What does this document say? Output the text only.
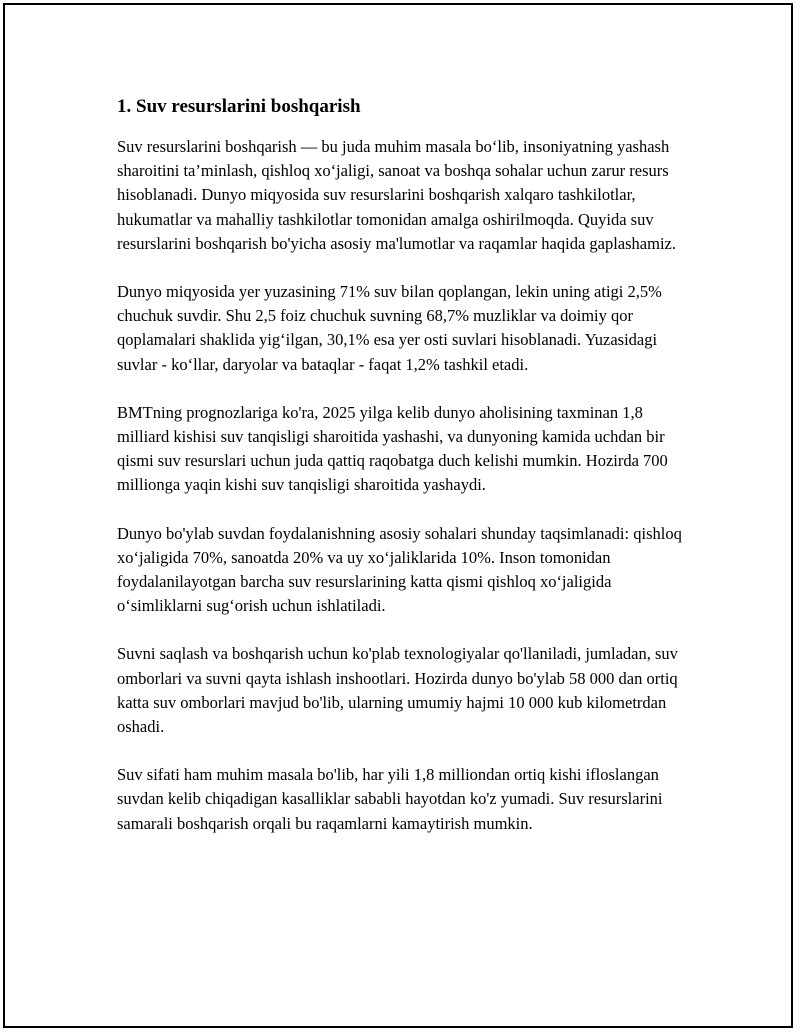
1. Suv resurslarini boshqarish

Suv resurslarini boshqarish — bu juda muhim masala bo‘lib, insoniyatning yashash sharoitini ta’minlash, qishloq xo‘jaligi, sanoat va boshqa sohalar uchun zarur resurs hisoblanadi. Dunyo miqyosida suv resurslarini boshqarish xalqaro tashkilotlar, hukumatlar va mahalliy tashkilotlar tomonidan amalga oshirilmoqda. Quyida suv resurslarini boshqarish bo'yicha asosiy ma'lumotlar va raqamlar haqida gaplashamiz.

Dunyo miqyosida yer yuzasining 71% suv bilan qoplangan, lekin uning atigi 2,5% chuchuk suvdir. Shu 2,5 foiz chuchuk suvning 68,7% muzliklar va doimiy qor qoplamalari shaklida yig‘ilgan, 30,1% esa yer osti suvlari hisoblanadi. Yuzasidagi suvlar - ko‘llar, daryolar va bataqlar - faqat 1,2% tashkil etadi.

BMTning prognozlariga ko'ra, 2025 yilga kelib dunyo aholisining taxminan 1,8 milliard kishisi suv tanqisligi sharoitida yashashi, va dunyoning kamida uchdan bir qismi suv resurslari uchun juda qattiq raqobatga duch kelishi mumkin. Hozirda 700 millionga yaqin kishi suv tanqisligi sharoitida yashaydi.

Dunyo bo'ylab suvdan foydalanishning asosiy sohalari shunday taqsimlanadi: qishloq xo‘jaligida 70%, sanoatda 20% va uy xo‘jaliklarida 10%. Inson tomonidan foydalanilayotgan barcha suv resurslarining katta qismi qishloq xo‘jaligida o‘simliklarni sug‘orish uchun ishlatiladi.

Suvni saqlash va boshqarish uchun ko'plab texnologiyalar qo'llaniladi, jumladan, suv omborlari va suvni qayta ishlash inshootlari. Hozirda dunyo bo'ylab 58 000 dan ortiq katta suv omborlari mavjud bo'lib, ularning umumiy hajmi 10 000 kub kilometrdan oshadi.

Suv sifati ham muhim masala bo'lib, har yili 1,8 milliondan ortiq kishi ifloslangan suvdan kelib chiqadigan kasalliklar sababli hayotdan ko'z yumadi. Suv resurslarini samarali boshqarish orqali bu raqamlarni kamaytirish mumkin.
